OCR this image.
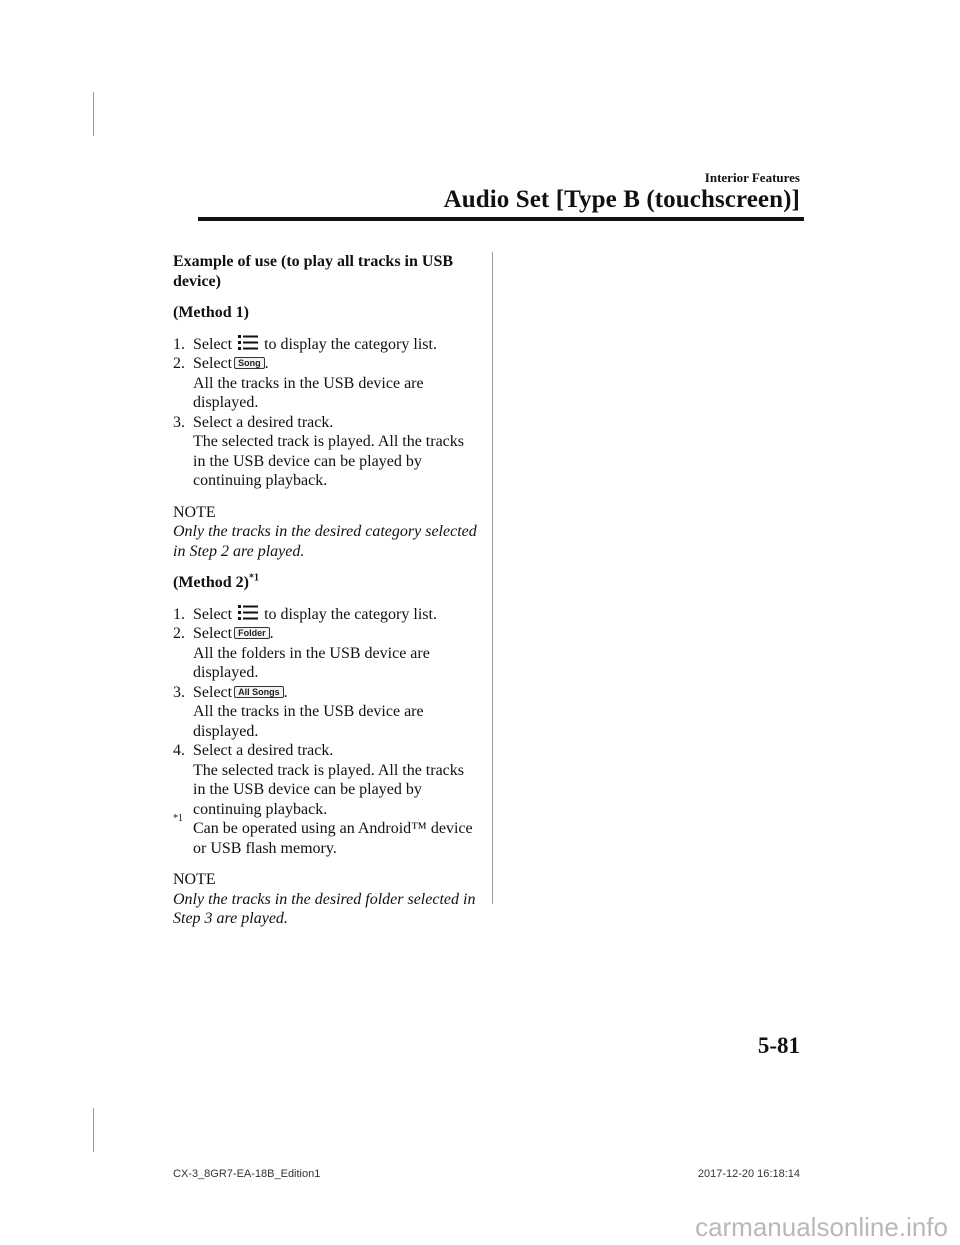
Interior Features
Audio Set [Type B (touchscreen)]
Example of use (to play all tracks in USB device)
(Method 1)
1. Select to display the category list.
2. Select Song .
All the tracks in the USB device are displayed.
3. Select a desired track.
The selected track is played. All the tracks in the USB device can be played by continuing playback.
NOTE
Only the tracks in the desired category selected in Step 2 are played.
(Method 2)$^{*1}$
1. Select to display the category list.
2. Select Folder .
All the folders in the USB device are displayed.
3. Select All Songs .
All the tracks in the USB device are displayed.
4. Select a desired track.
The selected track is played. All the tracks in the USB device can be played by continuing playback.
*1
Can be operated using an Android™ device or USB flash memory.
NOTE
Only the tracks in the desired folder selected in Step 3 are played.
5-81
CX-3_8GR7-EA-18B_Edition1	2017-12-20 16:18:14
carmanualsonline.info
